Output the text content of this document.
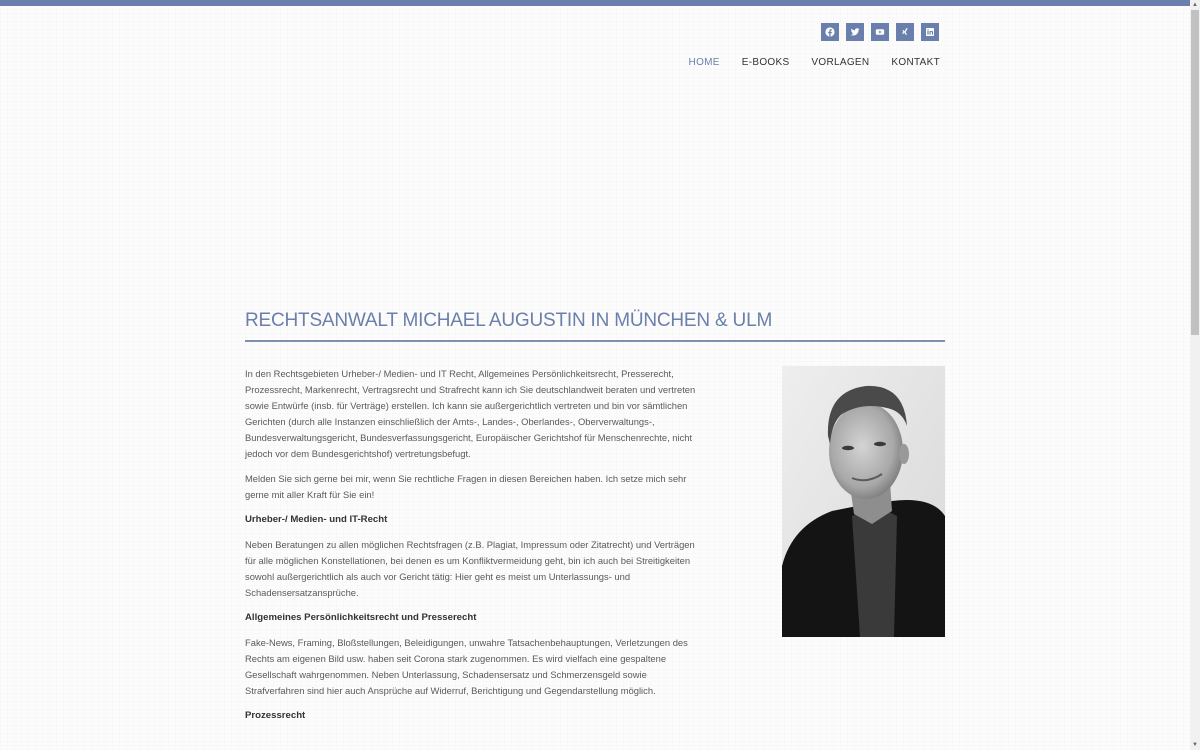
HOME E-BOOKS VORLAGEN KONTAKT
RECHTSANWALT MICHAEL AUGUSTIN IN MÜNCHEN & ULM

In den Rechtsgebieten Urheber-/ Medien- und IT Recht, Allgemeines Persönlichkeitsrecht, Presserecht, Prozessrecht, Markenrecht, Vertragsrecht und Strafrecht kann ich Sie deutschlandweit beraten und vertreten sowie Entwürfe (insb. für Verträge) erstellen. Ich kann sie außergerichtlich vertreten und bin vor sämtlichen Gerichten (durch alle Instanzen einschließlich der Amts-, Landes-, Oberlandes-, Oberverwaltungs-, Bundesverwaltungsgericht, Bundesverfassungsgericht, Europäischer Gerichtshof für Menschenrechte, nicht jedoch vor dem Bundesgerichtshof) vertretungsbefugt.

Melden Sie sich gerne bei mir, wenn Sie rechtliche Fragen in diesen Bereichen haben. Ich setze mich sehr gerne mit aller Kraft für Sie ein!

Urheber-/ Medien- und IT-Recht

Neben Beratungen zu allen möglichen Rechtsfragen (z.B. Plagiat, Impressum oder Zitatrecht) und Verträgen für alle möglichen Konstellationen, bei denen es um Konfliktvermeidung geht, bin ich auch bei Streitigkeiten sowohl außergerichtlich als auch vor Gericht tätig: Hier geht es meist um Unterlassungs- und Schadensersatzansprüche.

Allgemeines Persönlichkeitsrecht und Presserecht

Fake-News, Framing, Bloßstellungen, Beleidigungen, unwahre Tatsachenbehauptungen, Verletzungen des Rechts am eigenen Bild usw. haben seit Corona stark zugenommen. Es wird vielfach eine gespaltene Gesellschaft wahrgenommen. Neben Unterlassung, Schadensersatz und Schmerzensgeld sowie Strafverfahren sind hier auch Ansprüche auf Widerruf, Berichtigung und Gegendarstellung möglich.

Prozessrecht
▲
▼
